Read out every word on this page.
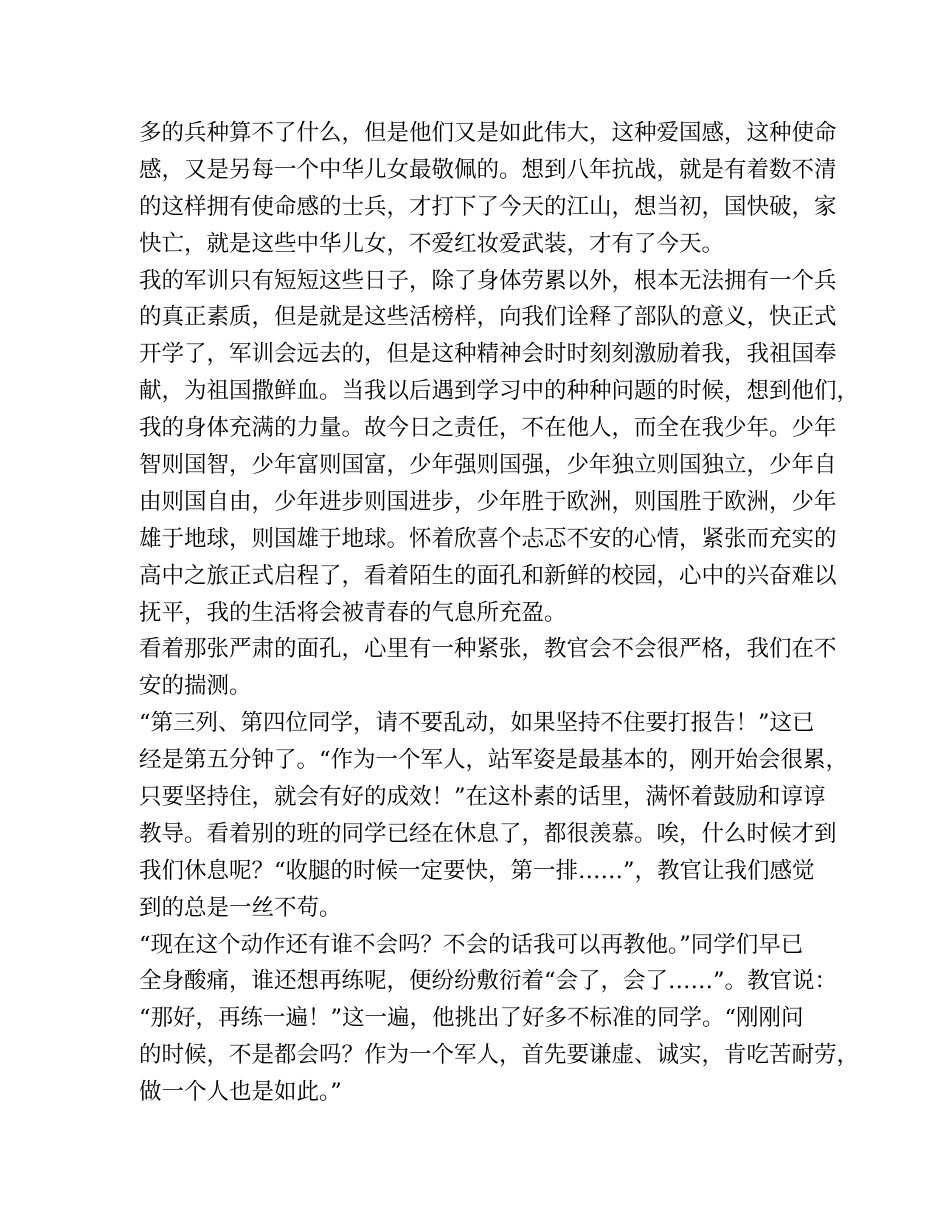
多的兵种算不了什么，但是他们又是如此伟大，这种爱国感，这种使命
感，又是另每一个中华儿女最敬佩的。想到八年抗战，就是有着数不清
的这样拥有使命感的士兵，才打下了今天的江山，想当初，国快破，家
快亡，就是这些中华儿女，不爱红妆爱武装，才有了今天。
我的军训只有短短这些日子，除了身体劳累以外，根本无法拥有一个兵
的真正素质，但是就是这些活榜样，向我们诠释了部队的意义，快正式
开学了，军训会远去的，但是这种精神会时时刻刻激励着我，我祖国奉
献，为祖国撒鲜血。当我以后遇到学习中的种种问题的时候，想到他们，
我的身体充满的力量。故今日之责任，不在他人，而全在我少年。少年
智则国智，少年富则国富，少年强则国强，少年独立则国独立，少年自
由则国自由，少年进步则国进步，少年胜于欧洲，则国胜于欧洲，少年
雄于地球，则国雄于地球。怀着欣喜个忐忑不安的心情，紧张而充实的
高中之旅正式启程了，看着陌生的面孔和新鲜的校园，心中的兴奋难以
抚平，我的生活将会被青春的气息所充盈。
看着那张严肃的面孔，心里有一种紧张，教官会不会很严格，我们在不
安的揣测。
“第三列、第四位同学，请不要乱动，如果坚持不住要打报告！”这已
经是第五分钟了。“作为一个军人，站军姿是最基本的，刚开始会很累，
只要坚持住，就会有好的成效！”在这朴素的话里，满怀着鼓励和谆谆
教导。看着别的班的同学已经在休息了，都很羡慕。唉，什么时候才到
我们休息呢？“收腿的时候一定要快，第一排……”，教官让我们感觉
到的总是一丝不苟。
“现在这个动作还有谁不会吗？不会的话我可以再教他。”同学们早已
全身酸痛，谁还想再练呢，便纷纷敷衍着“会了，会了……”。教官说：
“那好，再练一遍！”这一遍，他挑出了好多不标准的同学。“刚刚问
的时候，不是都会吗？作为一个军人，首先要谦虚、诚实，肯吃苦耐劳，
做一个人也是如此。”
